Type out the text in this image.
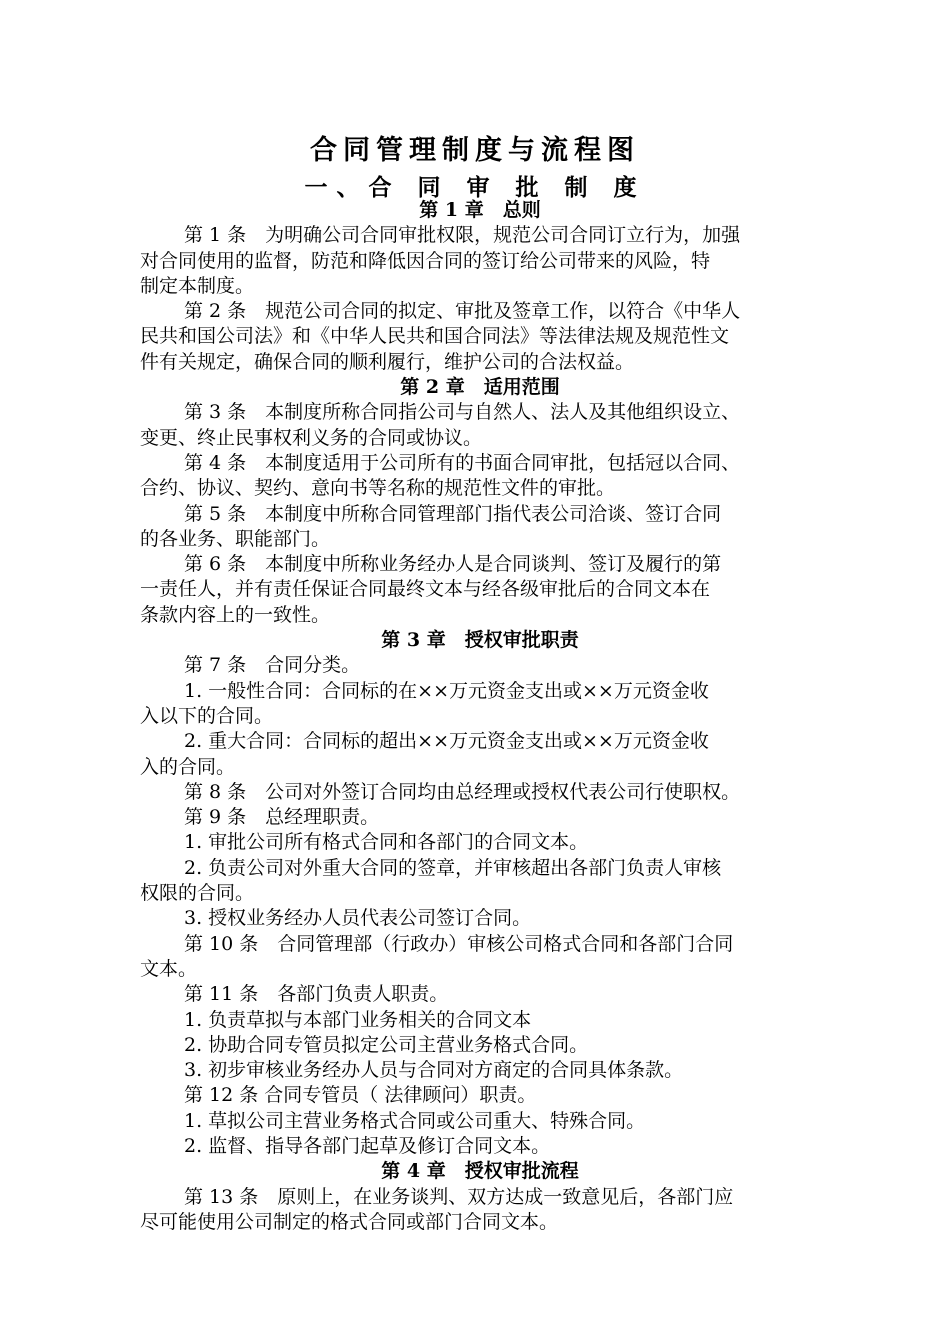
合同管理制度与流程图
一、合 同 审 批 制 度
第 1 章　总则
第 1 条　为明确公司合同审批权限，规范公司合同订立行为，加强
对合同使用的监督，防范和降低因合同的签订给公司带来的风险，特
制定本制度。
第 2 条　规范公司合同的拟定、审批及签章工作，以符合《中华人
民共和国公司法》和《中华人民共和国合同法》等法律法规及规范性文
件有关规定，确保合同的顺利履行，维护公司的合法权益。
第 2 章　适用范围
第 3 条　本制度所称合同指公司与自然人、法人及其他组织设立、
变更、终止民事权利义务的合同或协议。
第 4 条　本制度适用于公司所有的书面合同审批，包括冠以合同、
合约、协议、契约、意向书等名称的规范性文件的审批。
第 5 条　本制度中所称合同管理部门指代表公司洽谈、签订合同
的各业务、职能部门。
第 6 条　本制度中所称业务经办人是合同谈判、签订及履行的第
一责任人，并有责任保证合同最终文本与经各级审批后的合同文本在
条款内容上的一致性。
第 3 章　授权审批职责
第 7 条　合同分类。
1. 一般性合同：合同标的在××万元资金支出或××万元资金收
入以下的合同。
2. 重大合同：合同标的超出××万元资金支出或××万元资金收
入的合同。
第 8 条　公司对外签订合同均由总经理或授权代表公司行使职权。
第 9 条　总经理职责。
1. 审批公司所有格式合同和各部门的合同文本。
2. 负责公司对外重大合同的签章，并审核超出各部门负责人审核
权限的合同。
3. 授权业务经办人员代表公司签订合同。
第 10 条　合同管理部（行政办）审核公司格式合同和各部门合同
文本。
第 11 条　各部门负责人职责。
1. 负责草拟与本部门业务相关的合同文本
2. 协助合同专管员拟定公司主营业务格式合同。
3. 初步审核业务经办人员与合同对方商定的合同具体条款。
第 12 条 合同专管员（ 法律顾问）职责。
1. 草拟公司主营业务格式合同或公司重大、特殊合同。
2. 监督、指导各部门起草及修订合同文本。
第 4 章　授权审批流程
第 13 条　原则上，在业务谈判、双方达成一致意见后，各部门应
尽可能使用公司制定的格式合同或部门合同文本。
